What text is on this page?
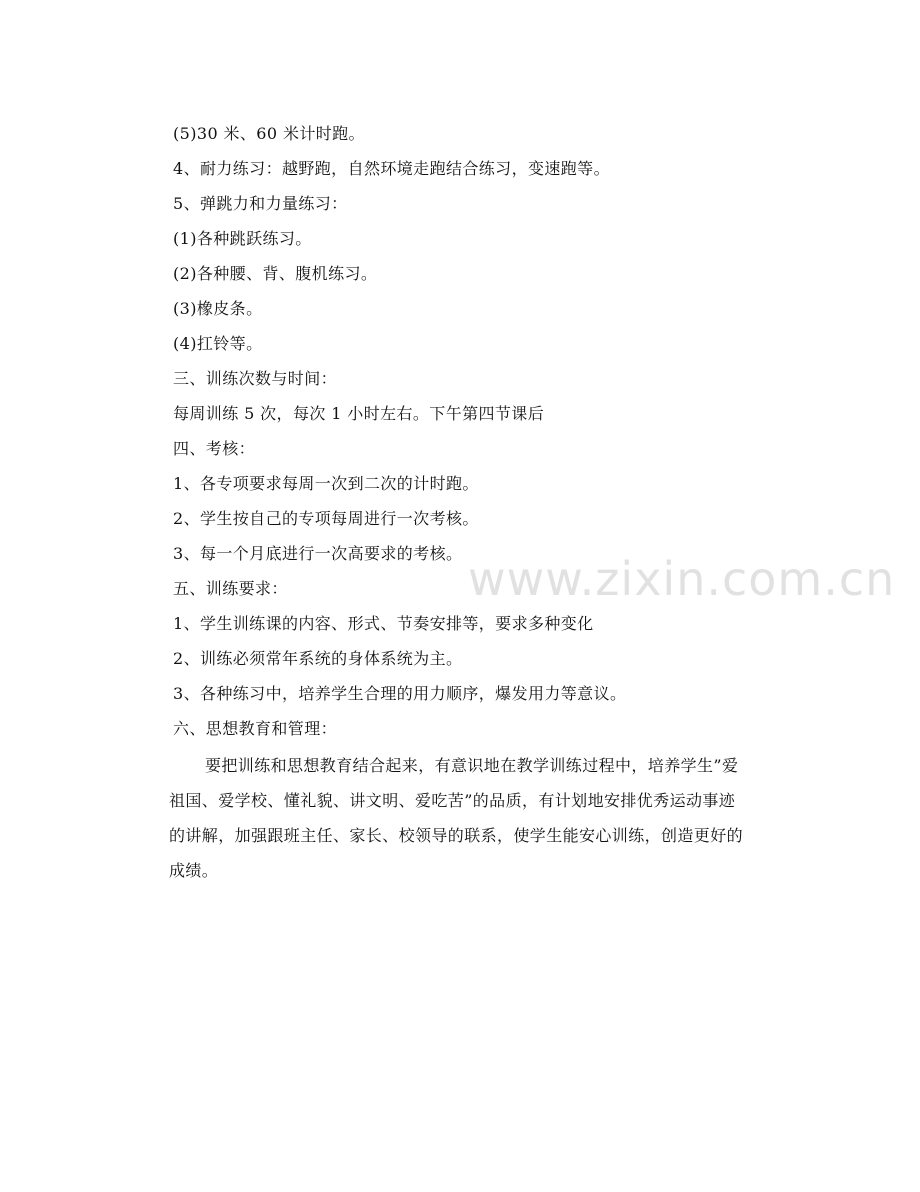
www.zixin.com.cn
(5)30 米、60 米计时跑。
4、耐力练习：越野跑，自然环境走跑结合练习，变速跑等。
5、弹跳力和力量练习：
(1)各种跳跃练习。
(2)各种腰、背、腹机练习。
(3)橡皮条。
(4)扛铃等。
三、训练次数与时间：
每周训练 5 次，每次 1 小时左右。下午第四节课后
四、考核：
1、各专项要求每周一次到二次的计时跑。
2、学生按自己的专项每周进行一次考核。
3、每一个月底进行一次高要求的考核。
五、训练要求：
1、学生训练课的内容、形式、节奏安排等，要求多种变化
2、训练必须常年系统的身体系统为主。
3、各种练习中，培养学生合理的用力顺序，爆发用力等意议。
六、思想教育和管理：
要把训练和思想教育结合起来，有意识地在教学训练过程中，培养学生”爱
祖国、爱学校、懂礼貌、讲文明、爱吃苦”的品质，有计划地安排优秀运动事迹
的讲解，加强跟班主任、家长、校领导的联系，使学生能安心训练，创造更好的
成绩。
